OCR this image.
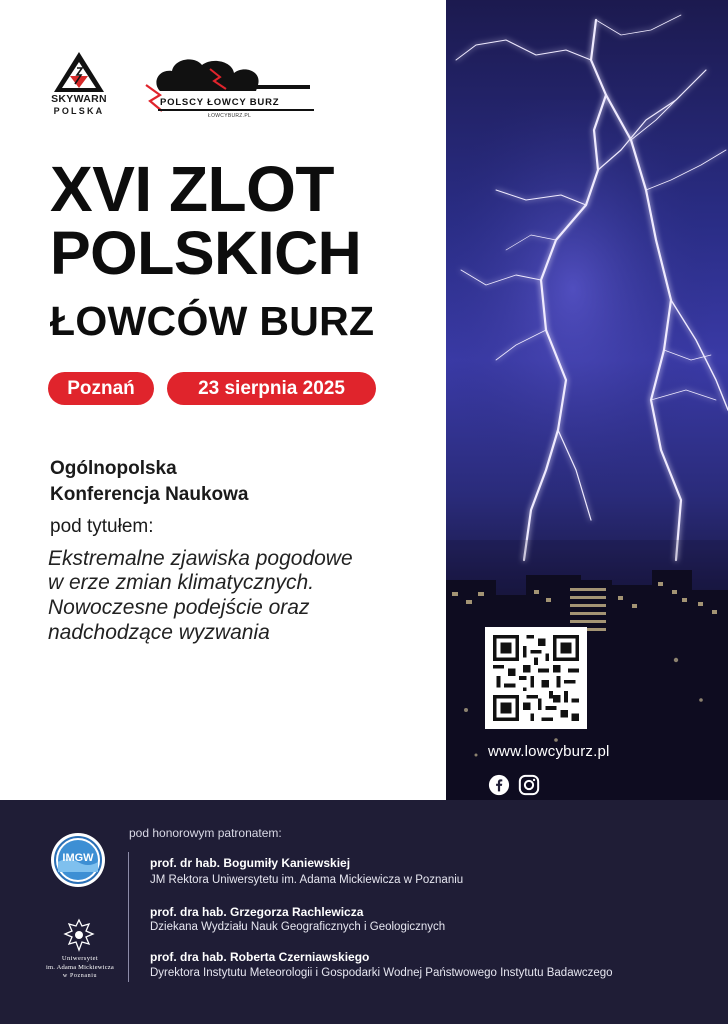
www.lowcyburz.pl
SKYWARN
POLSKA
POLSCY ŁOWCY BURZ
ŁOWCYBURZ.PL
XVI ZLOT
POLSKICH
ŁOWCÓW BURZ
Poznań	23 sierpnia 2025
Ogólnopolska
Konferencja Naukowa
pod tytułem:
Ekstremalne zjawiska pogodowe
w erze zmian klimatycznych.
Nowoczesne podejście oraz
nadchodzące wyzwania
pod honorowym patronatem:
prof. dr hab. Bogumiły Kaniewskiej
JM Rektora Uniwersytetu im. Adama Mickiewicza w Poznaniu
prof. dra hab. Grzegorza Rachlewicza
Dziekana Wydziału Nauk Geograficznych i Geologicznych
prof. dra hab. Roberta Czerniawskiego
Dyrektora Instytutu Meteorologii i Gospodarki Wodnej Państwowego Instytutu Badawczego
IMGW
Uniwersytet
im. Adama Mickiewicza
w Poznaniu
